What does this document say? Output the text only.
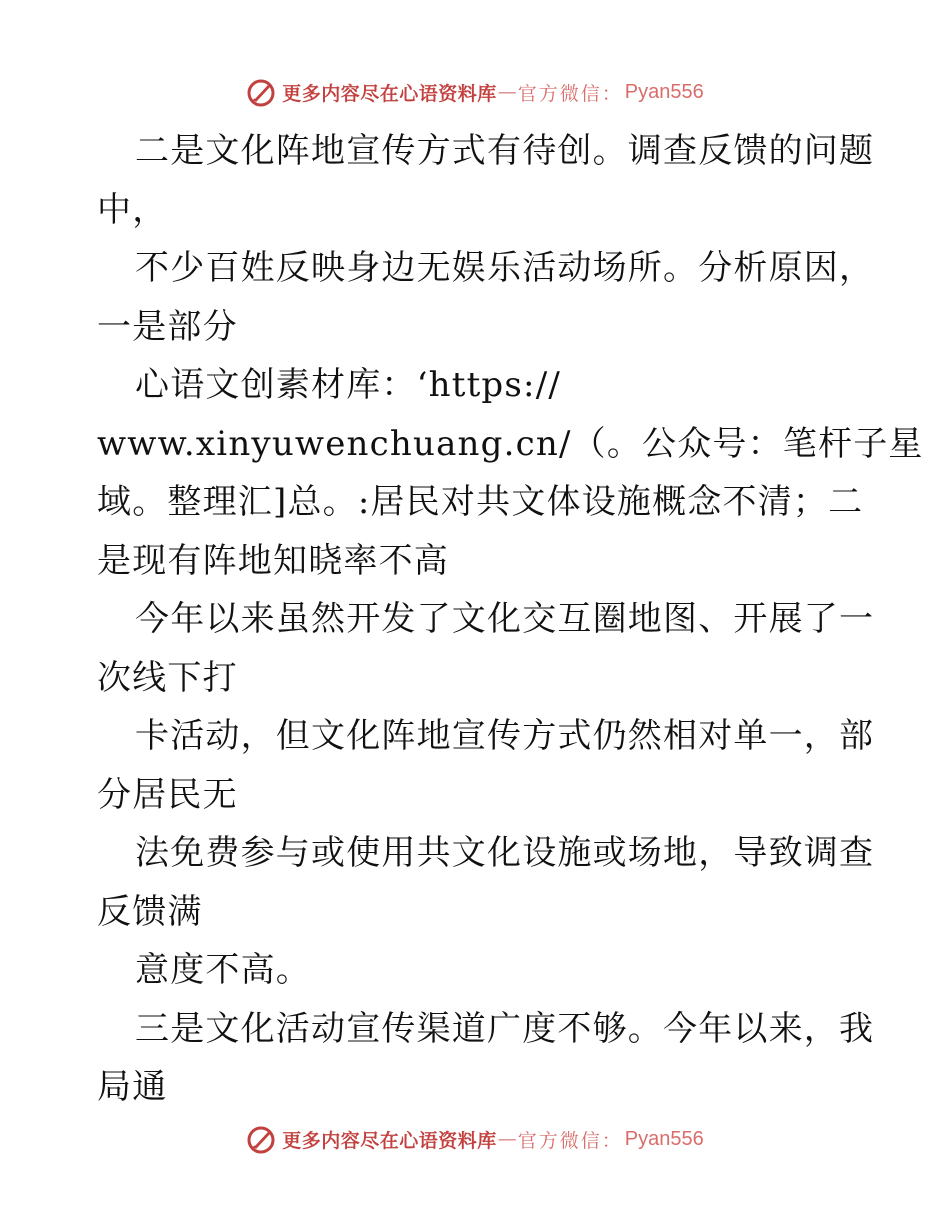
更多内容尽在心语资料库 — 官方微信： Pyan556
二是文化阵地宣传方式有待创。调查反馈的问题
中，
不少百姓反映身边无娱乐活动场所。分析原因，
一是部分
心语文创素材库：‘https://
www.xinyuwenchuang.cn/（。公众号：笔杆子星
域。整理汇]总。:居民对共文体设施概念不清；二
是现有阵地知晓率不高
今年以来虽然开发了文化交互圈地图、开展了一
次线下打
卡活动，但文化阵地宣传方式仍然相对单一，部
分居民无
法免费参与或使用共文化设施或场地，导致调查
反馈满
意度不高。
三是文化活动宣传渠道广度不够。今年以来，我
局通
更多内容尽在心语资料库 — 官方微信： Pyan556
